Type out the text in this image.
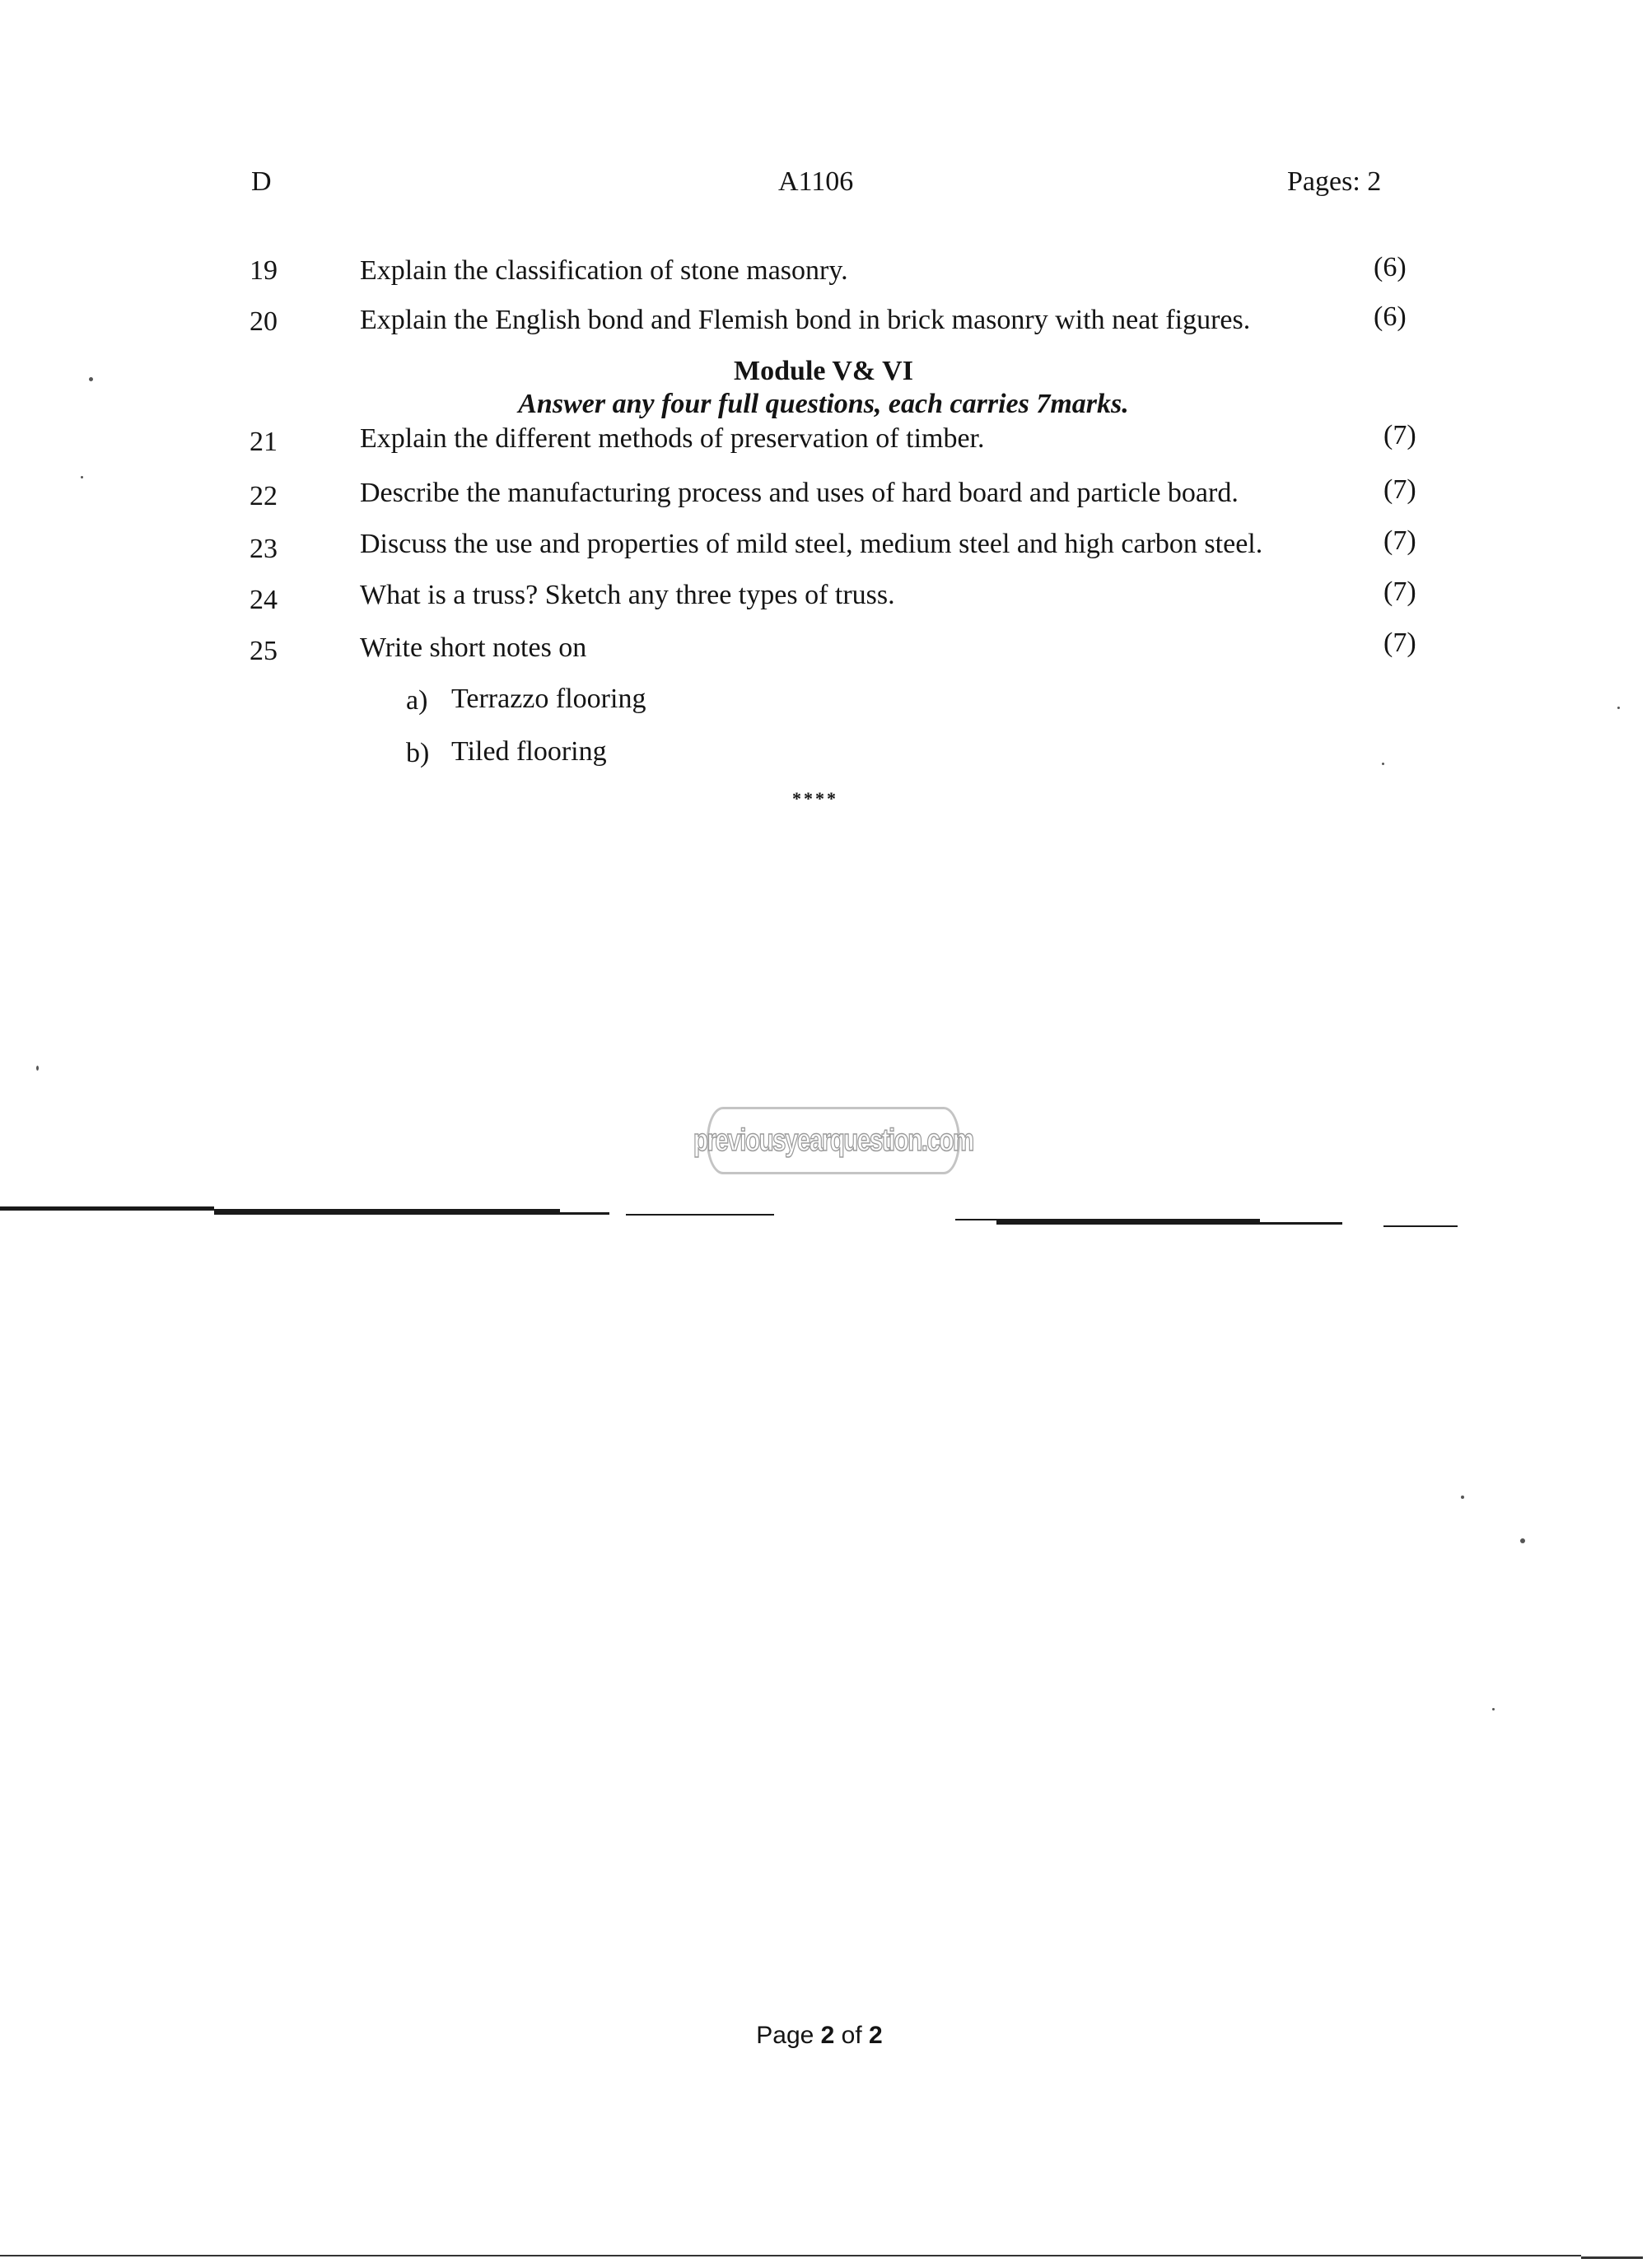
D	A1106	Pages: 2
19	Explain the classification of stone masonry.	(6)
20	Explain the English bond and Flemish bond in brick masonry with neat figures.	(6)
Module V& VI
Answer any four full questions, each carries 7marks.
21	Explain the different methods of preservation of timber.	(7)
22	Describe the manufacturing process and uses of hard board and particle board.	(7)
23	Discuss the use and properties of mild steel, medium steel and high carbon steel.	(7)
24	What is a truss? Sketch any three types of truss.	(7)
25	Write short notes on	(7)
a) Terrazzo flooring
b) Tiled flooring
****
previousyearquestion.com
Page 2 of 2
